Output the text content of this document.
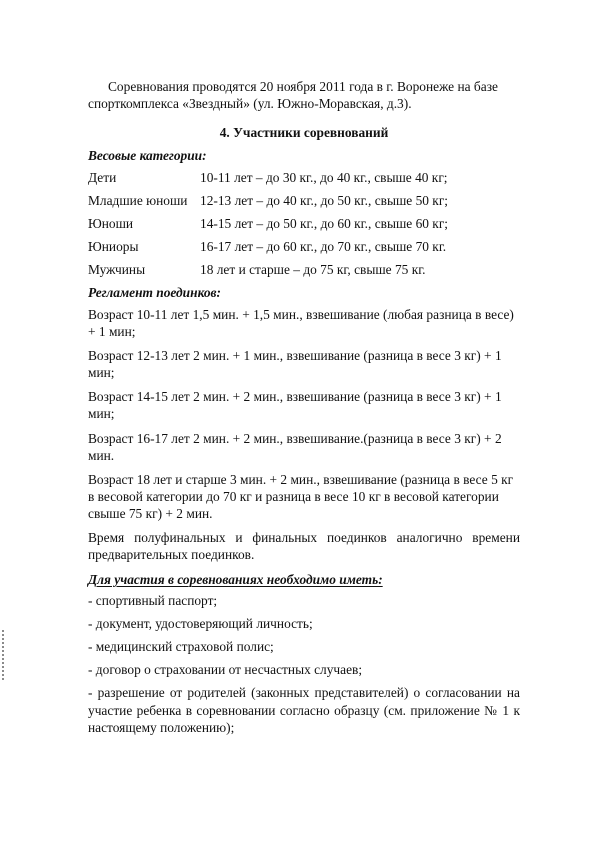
Соревнования проводятся 20 ноября 2011 года в г. Воронеже на базе спорткомплекса «Звездный» (ул. Южно-Моравская, д.3).

4. Участники соревнований
Весовые категории:
Дети	10-11 лет – до 30 кг., до 40 кг., свыше 40 кг;
Младшие юноши 12-13 лет – до 40 кг., до 50 кг., свыше 50 кг;
Юноши	14-15 лет – до 50 кг., до 60 кг., свыше 60 кг;
Юниоры	16-17 лет – до 60 кг., до 70 кг., свыше 70 кг.
Мужчины	18 лет и старше – до 75 кг, свыше 75 кг.
Регламент поединков:

Возраст 10-11 лет 1,5 мин. + 1,5 мин., взвешивание (любая разница в весе) + 1 мин;

Возраст 12-13 лет 2 мин. + 1 мин., взвешивание (разница в весе 3 кг) + 1 мин;

Возраст 14-15 лет 2 мин. + 2 мин., взвешивание (разница в весе 3 кг) + 1 мин;

Возраст 16-17 лет 2 мин. + 2 мин., взвешивание.(разница в весе 3 кг) + 2 мин.

Возраст 18 лет и старше 3 мин. + 2 мин., взвешивание (разница в весе 5 кг в весовой категории до 70 кг и разница в весе 10 кг в весовой категории свыше 75 кг) + 2 мин.

Время полуфинальных и финальных поединков аналогично времени предварительных поединков.

Для участия в соревнованиях необходимо иметь:
- спортивный паспорт;
- документ, удостоверяющий личность;
- медицинский страховой полис;
- договор о страховании от несчастных случаев;
- разрешение от родителей (законных представителей) о согласовании на участие ребенка в соревновании согласно образцу (см. приложение № 1 к настоящему положению);
